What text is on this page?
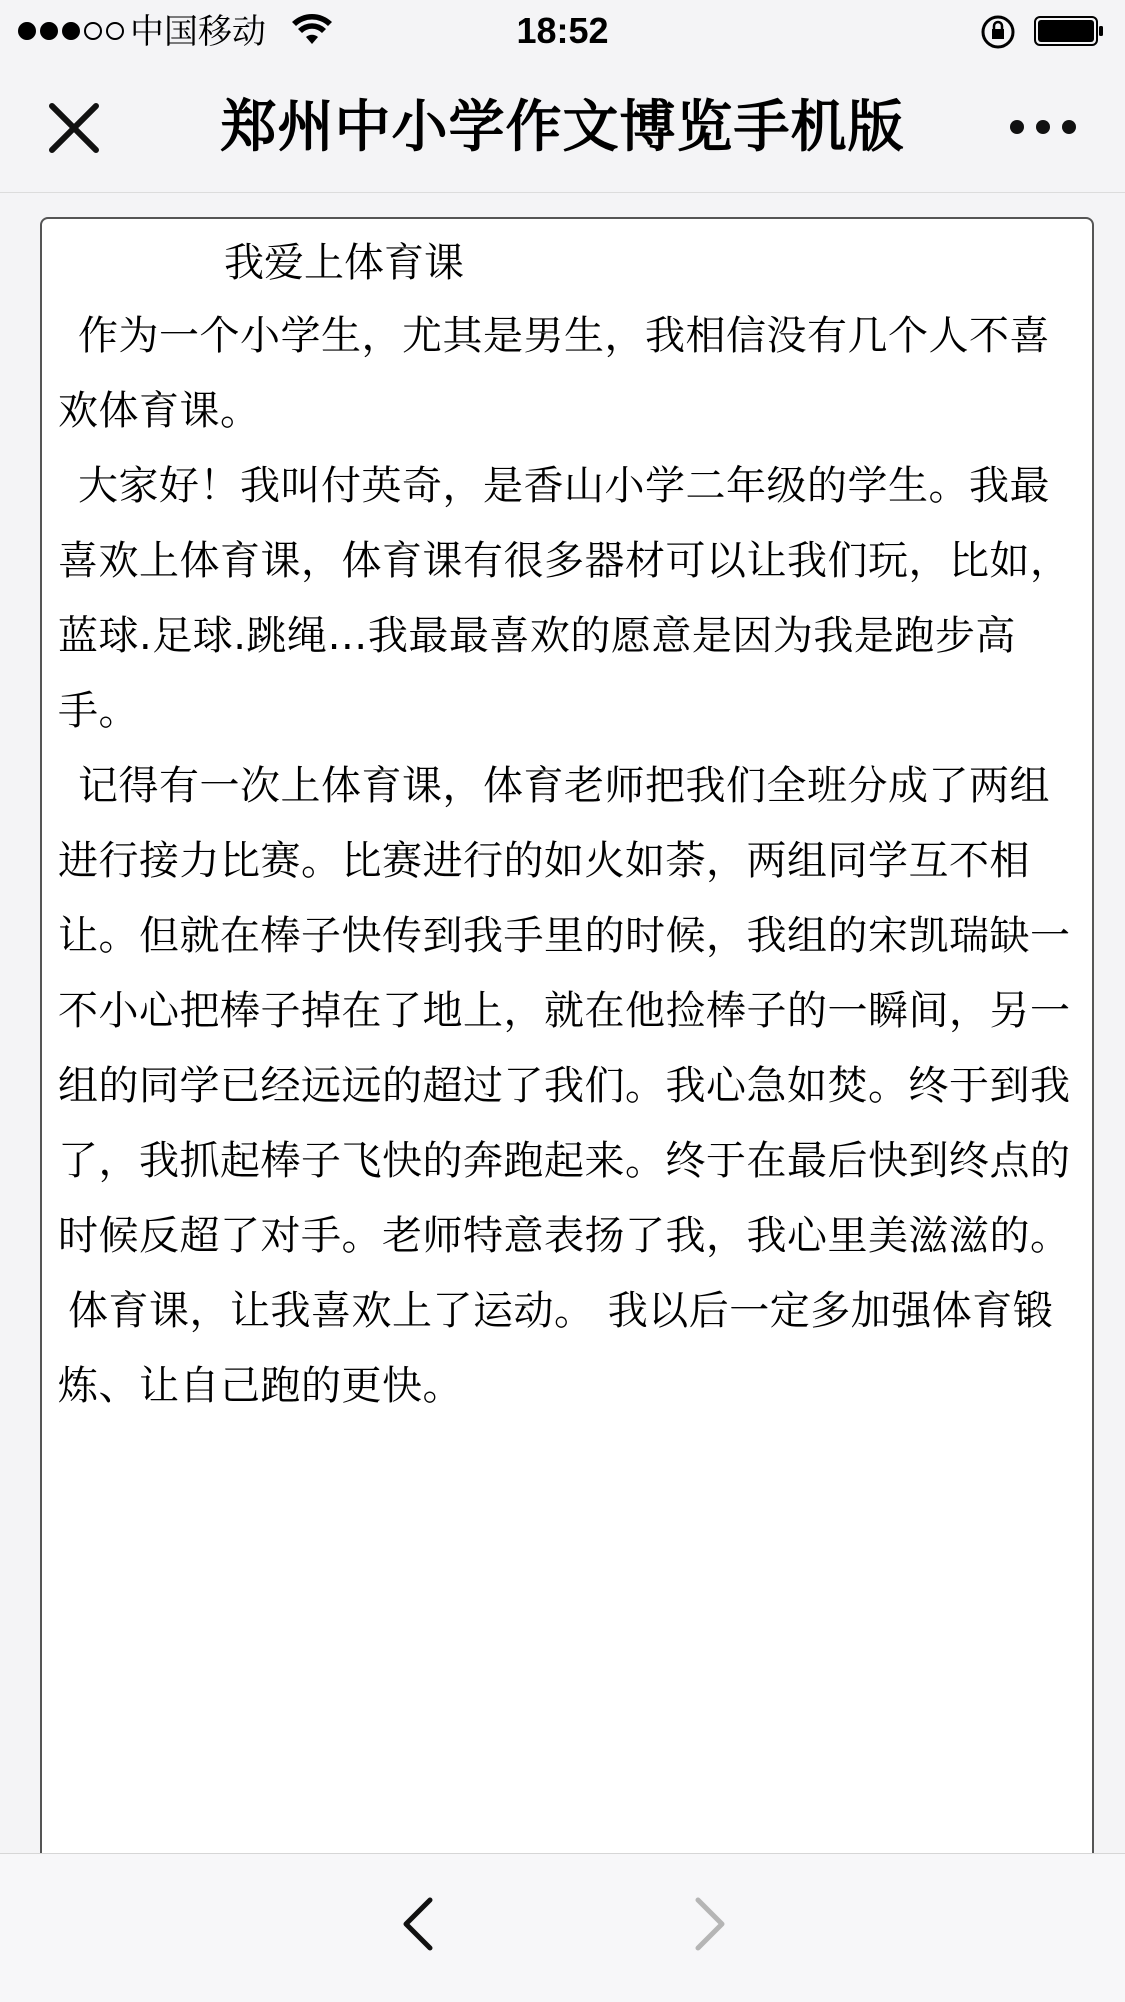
中国移动	18:52
郑州中小学作文博览手机版
我爱上体育课

作为一个小学生，尤其是男生，我相信没有几个人不喜欢体育课。

大家好！我叫付英奇，是香山小学二年级的学生。我最喜欢上体育课，体育课有很多器材可以让我们玩，比如，蓝球.足球.跳绳…我最最喜欢的愿意是因为我是跑步高手。

记得有一次上体育课，体育老师把我们全班分成了两组进行接力比赛。比赛进行的如火如荼，两组同学互不相让。但就在棒子快传到我手里的时候，我组的宋凯瑞缺一不小心把棒子掉在了地上，就在他捡棒子的一瞬间，另一组的同学已经远远的超过了我们。我心急如焚。终于到我了，我抓起棒子飞快的奔跑起来。终于在最后快到终点的时候反超了对手。老师特意表扬了我，我心里美滋滋的。

体育课，让我喜欢上了运动。 我以后一定多加强体育锻炼、让自己跑的更快。
